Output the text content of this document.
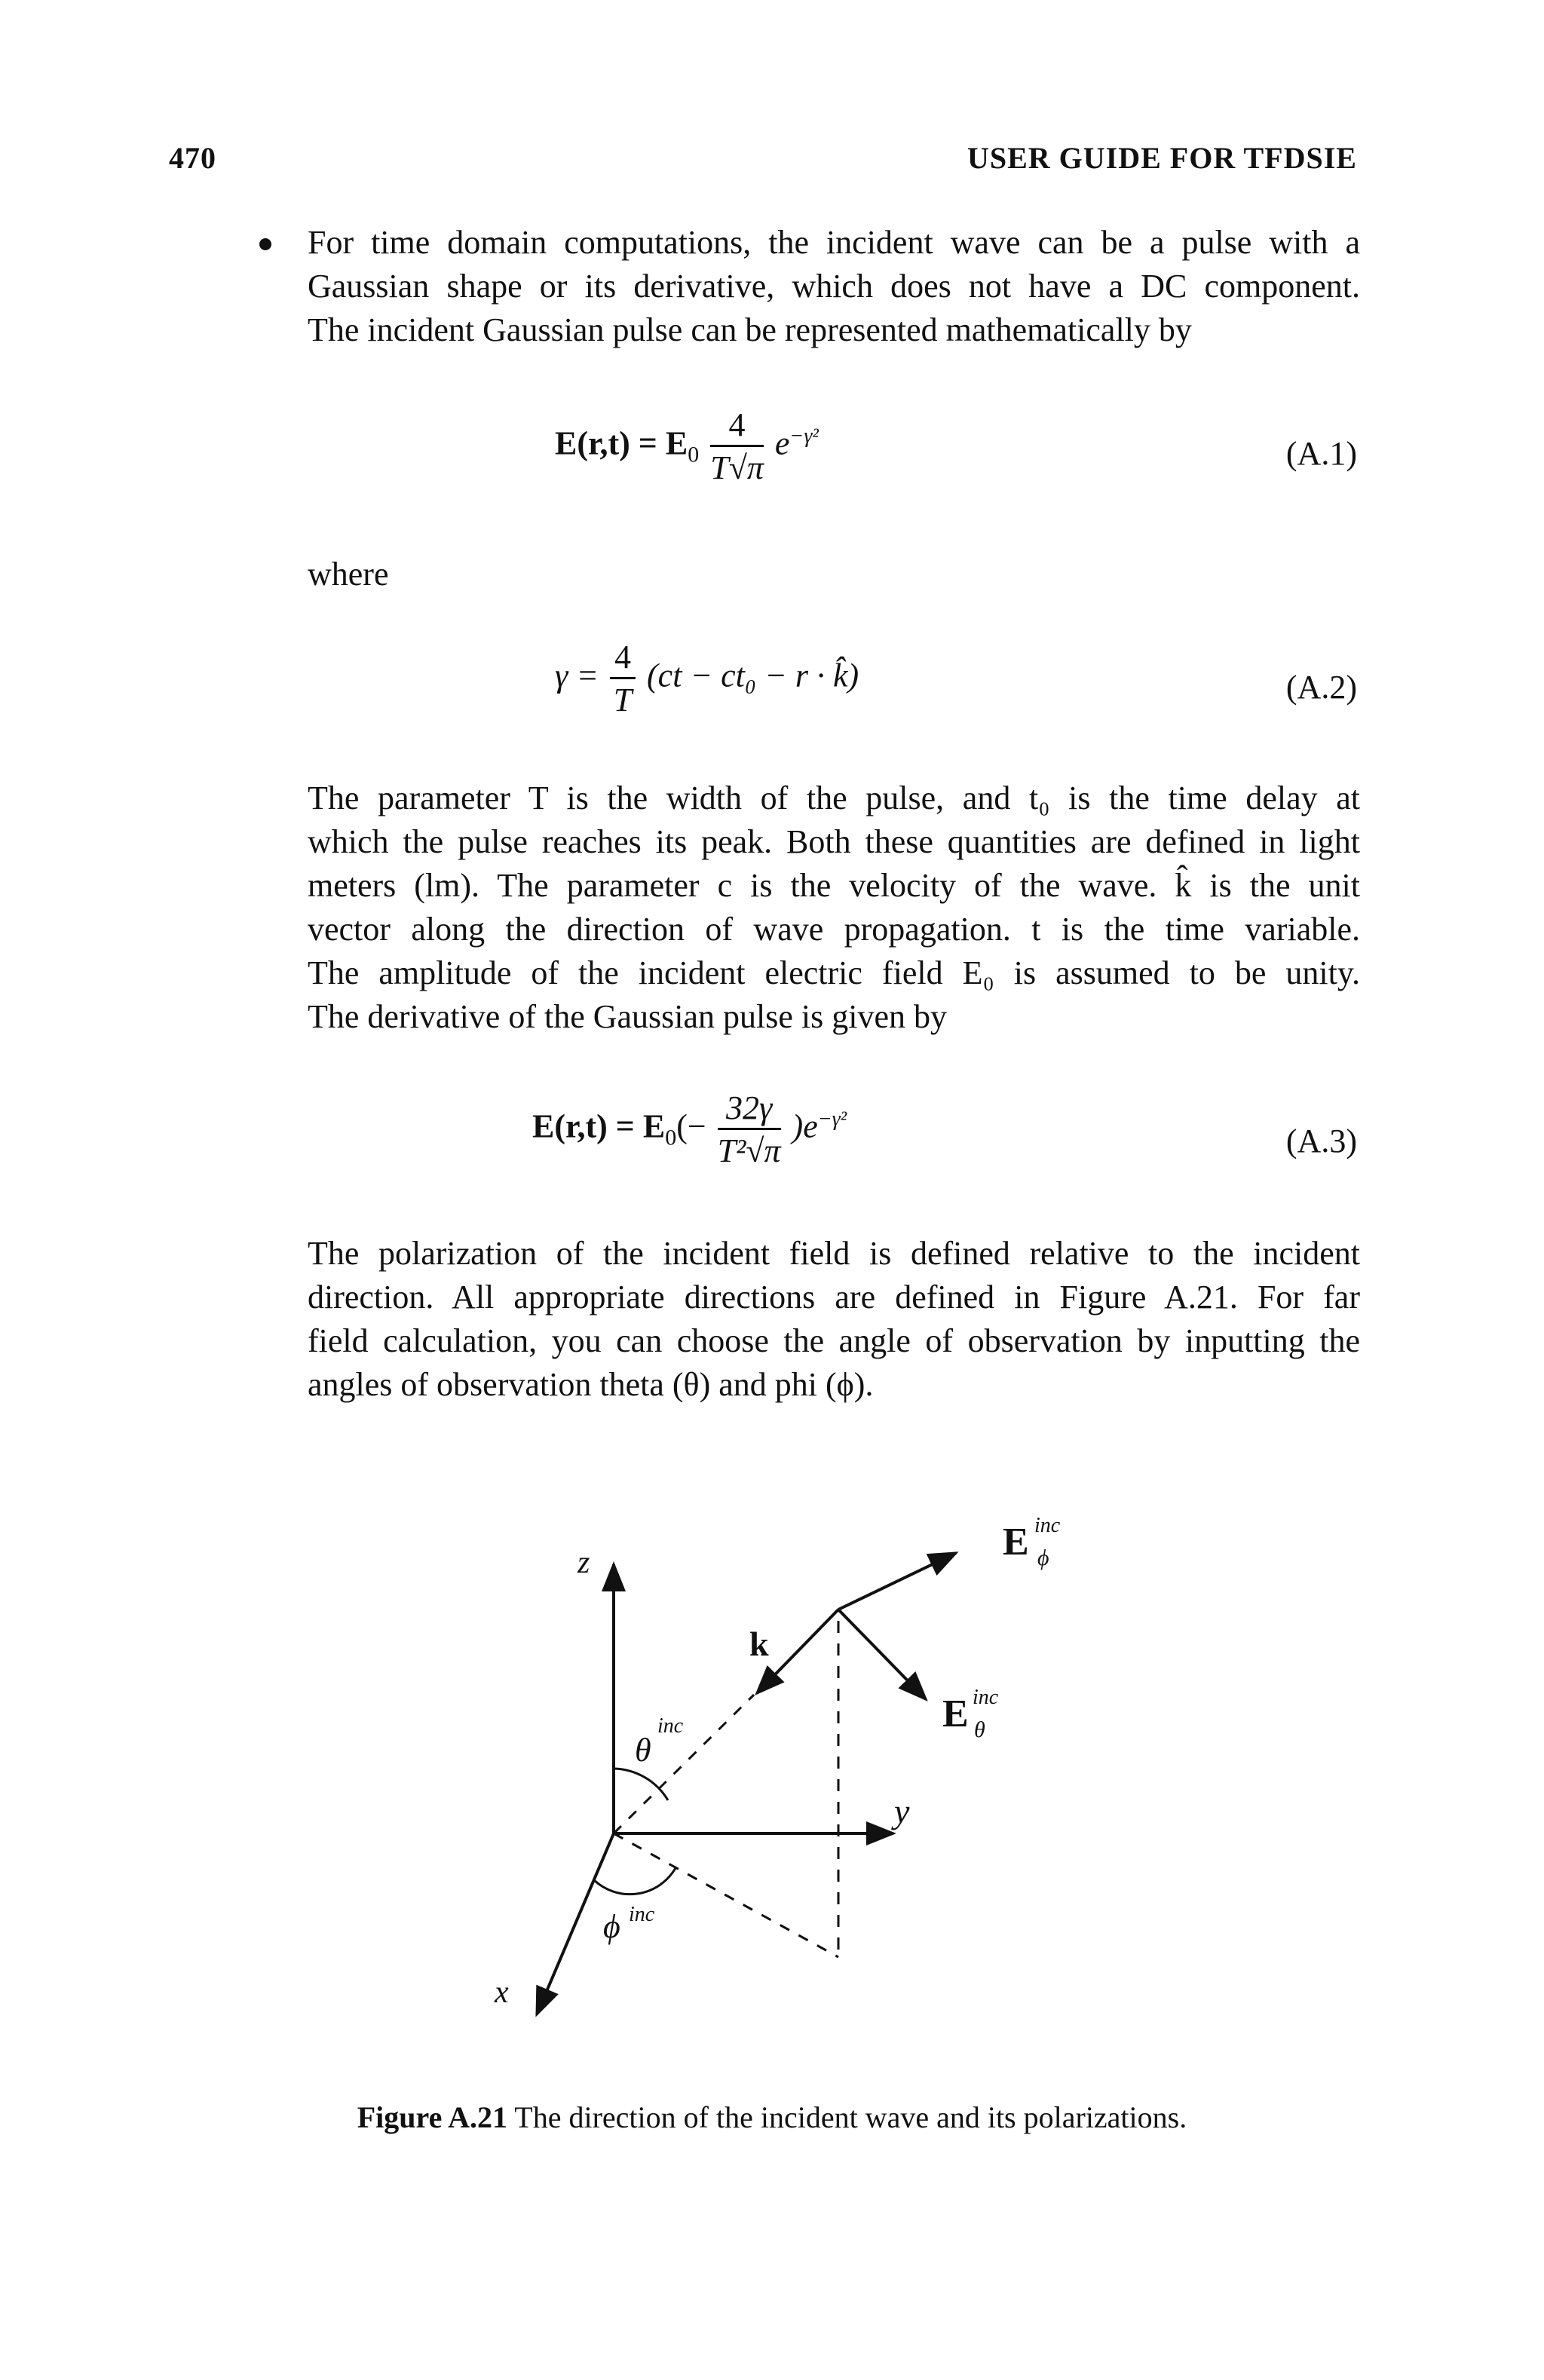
470	USER GUIDE FOR TFDSIE
For time domain computations, the incident wave can be a pulse with a
Gaussian shape or its derivative, which does not have a DC component.
The incident Gaussian pulse can be represented mathematically by
$E(r,t) = E_0 \frac{4}{T√\pi} e^{-\gamma^2}$	(A.1)
where
$\gamma = \frac{4}{T} (ct - ct_0 - r$ · k̂)	(A.2)
The parameter T is the width of the pulse, and t₀ is the time delay at
which the pulse reaches its peak. Both these quantities are defined in light
meters (lm). The parameter c is the velocity of the wave. k̂ is the unit
vector along the direction of wave propagation. t is the time variable.
The amplitude of the incident electric field E₀ is assumed to be unity.
The derivative of the Gaussian pulse is given by
$E(r,t) = E_0(- \frac{32\gamma}{\text{T²√π}} )e^{-\gamma^2}$
(A.3)
The polarization of the incident field is defined relative to the incident
direction. All appropriate directions are defined in Figure A.21. For far
field calculation, you can choose the angle of observation by inputting the
angles of observation theta (θ) and phi (ϕ).
z
y
x
k
θ
inc
ϕ inc
E inc
ϕ
E inc
θ
Figure A.21 The direction of the incident wave and its polarizations.
